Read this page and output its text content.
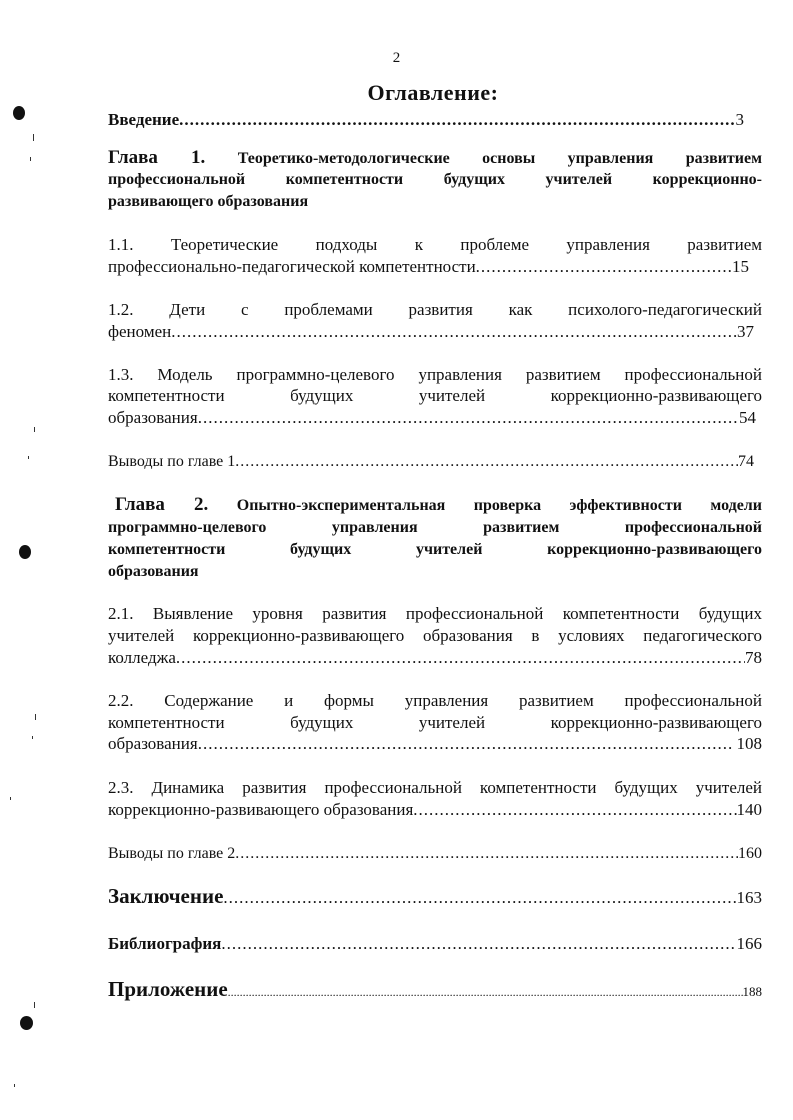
2
Оглавление:
Введение .....	3
Глава 1. Теоретико-методологические основы управления развитием
профессиональной компетентности будущих учителей коррекционно-
развивающего образования
1.1. Теоретические подходы к проблеме управления развитием
профессионально-педагогической компетентности .....	15
1.2. Дети с проблемами развития как психолого-педагогический
феномен .....	37
1.3. Модель программно-целевого управления развитием профессиональной
компетентности будущих учителей коррекционно-развивающего
образования .....	54
Выводы по главе 1 .....	74
Глава 2. Опытно-экспериментальная проверка эффективности модели
программно-целевого управления развитием профессиональной
компетентности будущих учителей коррекционно-развивающего
образования
2.1. Выявление уровня развития профессиональной компетентности будущих
учителей коррекционно-развивающего образования в условиях педагогического
колледжа .....	78
2.2. Содержание и формы управления развитием профессиональной
компетентности будущих учителей коррекционно-развивающего
образования .....	108
2.3. Динамика развития профессиональной компетентности будущих учителей
коррекционно-развивающего образования .....	140
Выводы по главе 2 .....	160
Заключение .....	163
Библиография .....	166
Приложение .....	188
